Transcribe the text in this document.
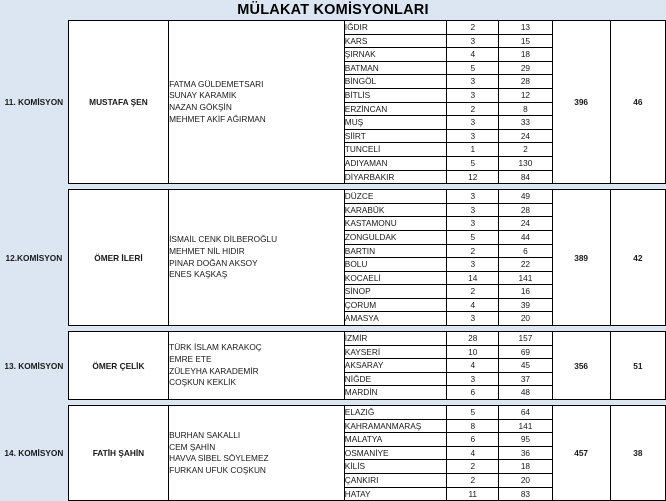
MÜLAKAT KOMİSYONLARI
11. KOMİSYON	MUSTAFA ŞEN	FATMA GÜLDEMETSARI
SUNAY KARAMIK
NAZAN GÖKŞİN
MEHMET AKİF AĞIRMAN	IĞDIR	2	13	396	46
			KARS	3	15		
			ŞIRNAK	4	18		
			BATMAN	5	29		
			BİNGÖL	3	28		
			BİTLİS	3	12		
			ERZİNCAN	2	8		
			MUŞ	3	33		
			SİİRT	3	24		
			TUNCELİ	1	2		
			ADIYAMAN	5	130		
			DİYARBAKIR	12	84		

12.KOMİSYON	ÖMER İLERİ	İSMAİL CENK DİLBEROĞLU
MEHMET NİL HIDIR
PINAR DOĞAN AKSOY
ENES KAŞKAŞ	DÜZCE	3	49	389	42
			KARABÜK	3	28		
			KASTAMONU	3	24		
			ZONGULDAK	5	44		
			BARTIN	2	6		
			BOLU	3	22		
			KOCAELİ	14	141		
			SİNOP	2	16		
			ÇORUM	4	39		
			AMASYA	3	20		

13. KOMİSYON	ÖMER ÇELİK	TÜRK İSLAM KARAKOÇ
EMRE ETE
ZÜLEYHA KARADEMİR
COŞKUN KEKLİK	İZMİR	28	157	356	51
			KAYSERİ	10	69		
			AKSARAY	4	45		
			NİĞDE	3	37		
			MARDİN	6	48		

14. KOMİSYON	FATİH ŞAHİN	BURHAN SAKALLI
CEM ŞAHİN
HAVVA SİBEL SÖYLEMEZ
FURKAN UFUK COŞKUN	ELAZIĞ	5	64	457	38
			KAHRAMANMARAŞ	8	141		
			MALATYA	6	95		
			OSMANİYE	4	36		
			KİLİS	2	18		
			ÇANKIRI	2	20		
			HATAY	11	83		
